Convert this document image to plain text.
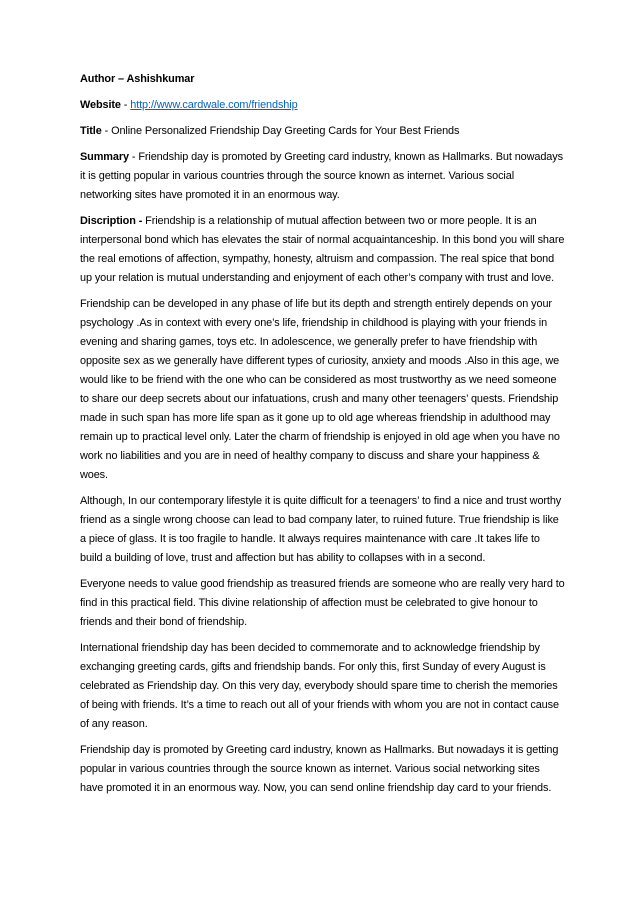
Author – Ashishkumar

Website - http://www.cardwale.com/friendship

Title - Online Personalized Friendship Day Greeting Cards for Your Best Friends

Summary - Friendship day is promoted by Greeting card industry, known as Hallmarks. But nowadays it is getting popular in various countries through the source known as internet. Various social networking sites have promoted it in an enormous way.

Discription - Friendship is a relationship of mutual affection between two or more people. It is an interpersonal bond which has elevates the stair of normal acquaintanceship. In this bond you will share the real emotions of affection, sympathy, honesty, altruism and compassion. The real spice that bond up your relation is mutual understanding and enjoyment of each other’s company with trust and love.

Friendship can be developed in any phase of life but its depth and strength entirely depends on your psychology .As in context with every one’s life, friendship in childhood is playing with your friends in evening and sharing games, toys etc. In adolescence, we generally prefer to have friendship with opposite sex as we generally have different types of curiosity, anxiety and moods .Also in this age, we would like to be friend with the one who can be considered as most trustworthy as we need someone to share our deep secrets about our infatuations, crush and many other teenagers’ quests. Friendship made in such span has more life span as it gone up to old age whereas friendship in adulthood may remain up to practical level only. Later the charm of friendship is enjoyed in old age when you have no work no liabilities and you are in need of healthy company to discuss and share your happiness & woes.

Although, In our contemporary lifestyle it is quite difficult for a teenagers’ to find a nice and trust worthy friend as a single wrong choose can lead to bad company later, to ruined future. True friendship is like a piece of glass. It is too fragile to handle. It always requires maintenance with care .It takes life to build a building of love, trust and affection but has ability to collapses with in a second.

Everyone needs to value good friendship as treasured friends are someone who are really very hard to find in this practical field. This divine relationship of affection must be celebrated to give honour to friends and their bond of friendship.

International friendship day has been decided to commemorate and to acknowledge friendship by exchanging greeting cards, gifts and friendship bands. For only this, first Sunday of every August is celebrated as Friendship day. On this very day, everybody should spare time to cherish the memories of being with friends. It’s a time to reach out all of your friends with whom you are not in contact cause of any reason.

Friendship day is promoted by Greeting card industry, known as Hallmarks. But nowadays it is getting popular in various countries through the source known as internet. Various social networking sites have promoted it in an enormous way. Now, you can send online friendship day card to your friends.
